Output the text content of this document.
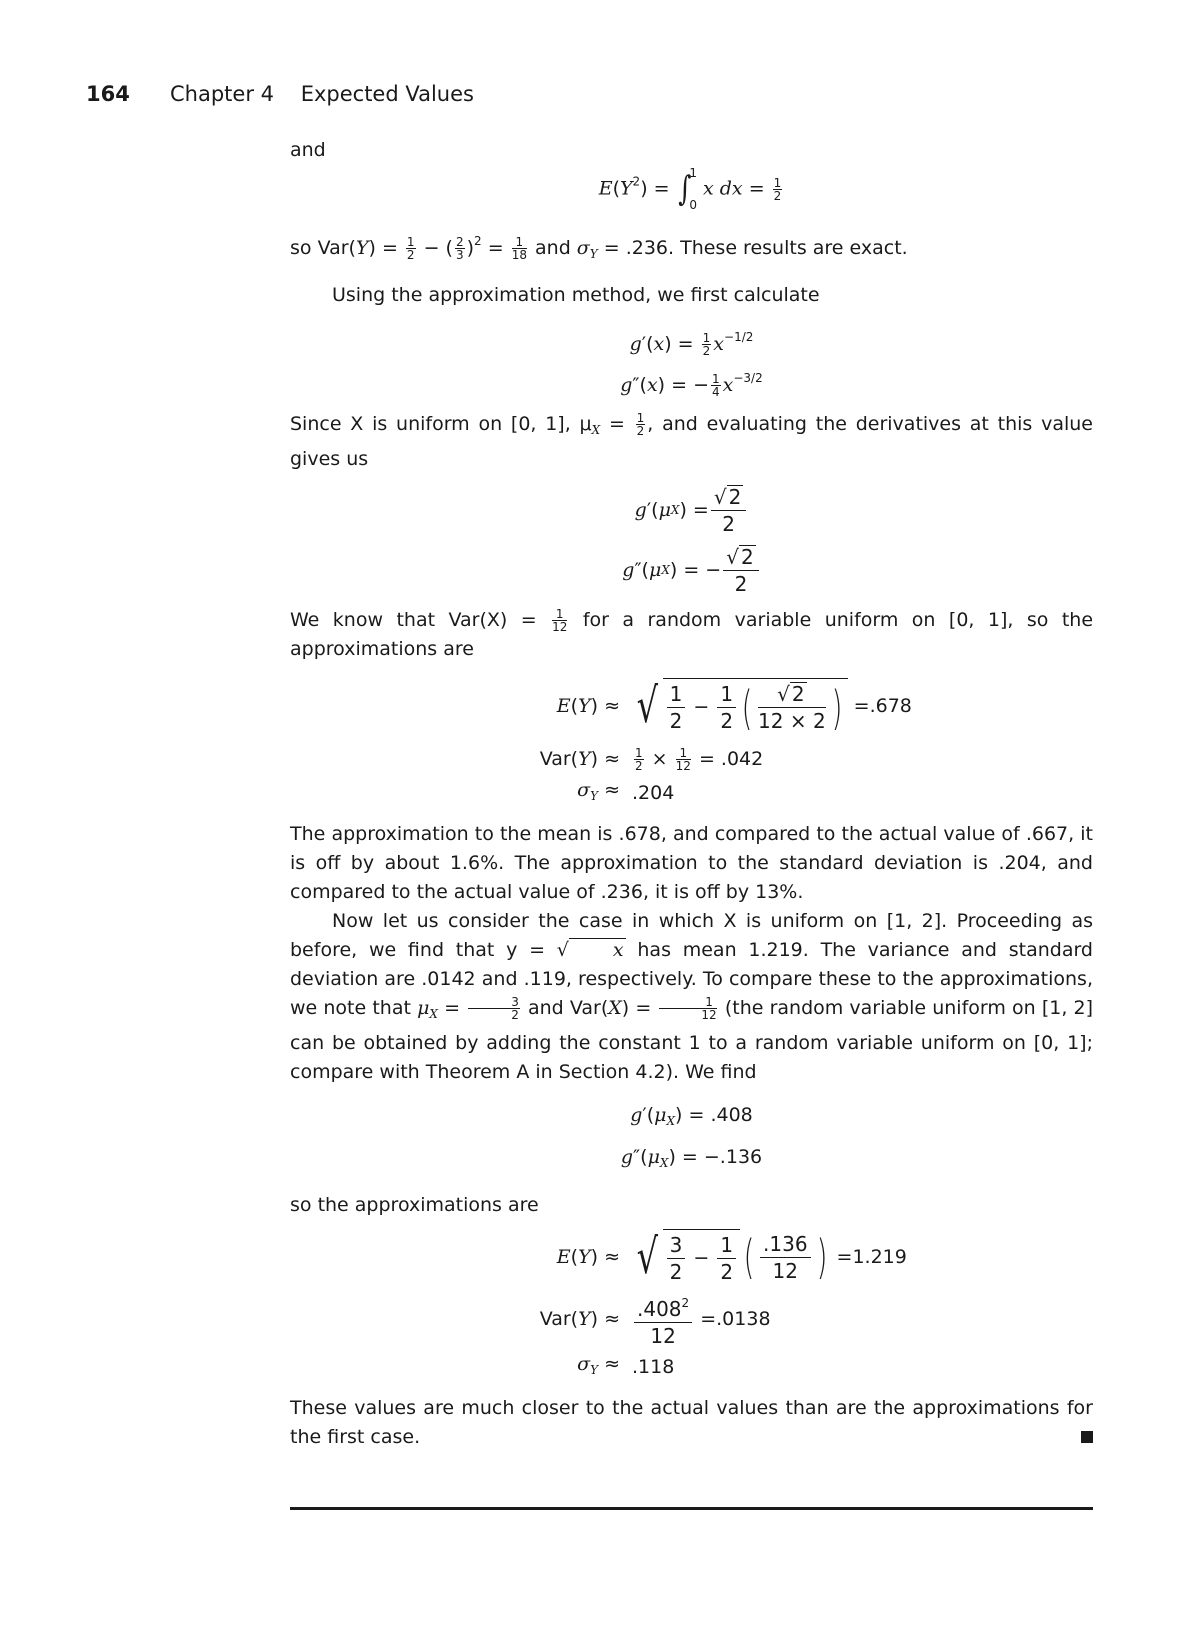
164 Chapter 4    Expected Values

and

$E(Y^2)$ = ∫
1
0
x dx = $\frac{1}{2}$

so $Var(Y) = \frac{1}{2}$ − ( $\frac{2}{3} )^2 = \frac{1}{18}$ and $\sigma_Y = .236$. These results are exact.

Using the approximation method, we first calculate

$g'(x) = \frac{1}{2} x^{-1/2}$
g″(x) = − $\frac{1}{4} x^{-3/2}$

Since X is uniform on [0, 1], $\mu_X = \frac{1}{2}$ , and evaluating the derivatives at this value gives us

g ′( μ X ) =
√ 2
2
g ″( μ X ) = −
√ 2
2

We know that $Var(X) = \frac{1}{12}$ for a random variable uniform on [0, 1], so the approximations are

E(Y) ≈ √ 1
2
−
1
2 (	√ 2
12 × 2 ) = .678
Var(Y) ≈	$\frac{1}{2} \times \frac{1}{12} = .042$
$\sigma_Y \approx .204$

The approximation to the mean is .678, and compared to the actual value of .667, it is off by about 1.6%. The approximation to the standard deviation is .204, and compared to the actual value of .236, it is off by 13%.

Now let us consider the case in which X is uniform on [1, 2]. Proceeding as before, we find that y = √ x has mean 1.219. The variance and standard deviation are .0142 and .119, respectively. To compare these to the approximations, we note that $\mu_X = \frac{3}{2}$ and $Var(X) = \frac{1}{12} (the$ random variable uniform on [1, 2] can be obtained by adding the constant 1 to a random variable uniform on [0, 1]; compare with Theorem A in Section 4.2). We find

$g'(\mu_X) = .408$
$g''(\mu_X) = -.136$

so the approximations are

E(Y) ≈ √ 3
2
−
1
2 ( .136
12 ) = 1.219
$Var(Y) \approx .408^2$
12
= .0138
$\sigma_Y \approx .118$

These values are much closer to the actual values than are the approximations for the first case.
